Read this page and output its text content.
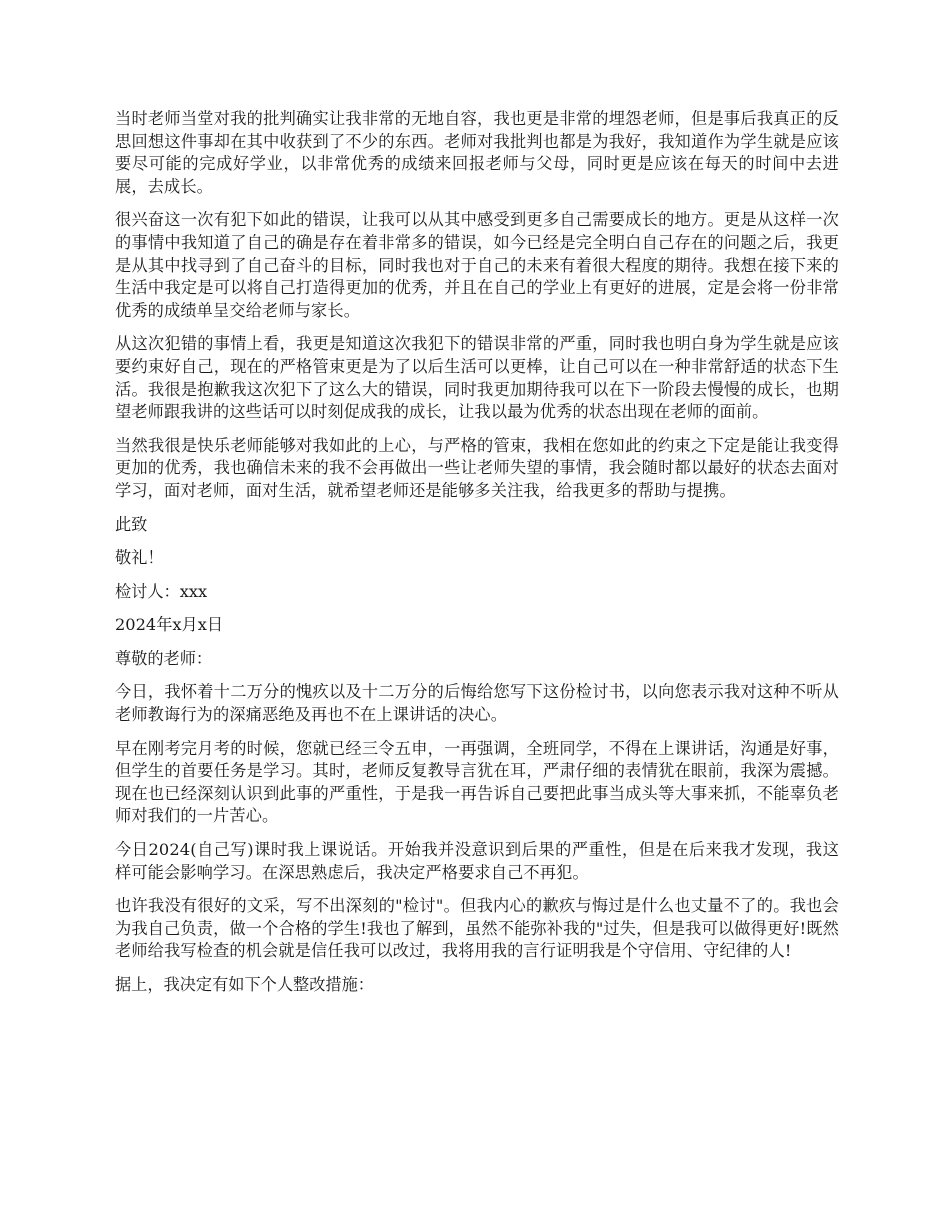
当时老师当堂对我的批判确实让我非常的无地自容，我也更是非常的埋怨老师，但是事后我真正的反思回想这件事却在其中收获到了不少的东西。老师对我批判也都是为我好，我知道作为学生就是应该要尽可能的完成好学业，以非常优秀的成绩来回报老师与父母，同时更是应该在每天的时间中去进展，去成长。

很兴奋这一次有犯下如此的错误，让我可以从其中感受到更多自己需要成长的地方。更是从这样一次的事情中我知道了自己的确是存在着非常多的错误，如今已经是完全明白自己存在的问题之后，我更是从其中找寻到了自己奋斗的目标，同时我也对于自己的未来有着很大程度的期待。我想在接下来的生活中我定是可以将自己打造得更加的优秀，并且在自己的学业上有更好的进展，定是会将一份非常优秀的成绩单呈交给老师与家长。

从这次犯错的事情上看，我更是知道这次我犯下的错误非常的严重，同时我也明白身为学生就是应该要约束好自己，现在的严格管束更是为了以后生活可以更棒，让自己可以在一种非常舒适的状态下生活。我很是抱歉我这次犯下了这么大的错误，同时我更加期待我可以在下一阶段去慢慢的成长，也期望老师跟我讲的这些话可以时刻促成我的成长，让我以最为优秀的状态出现在老师的面前。

当然我很是快乐老师能够对我如此的上心，与严格的管束，我相在您如此的约束之下定是能让我变得更加的优秀，我也确信未来的我不会再做出一些让老师失望的事情，我会随时都以最好的状态去面对学习，面对老师，面对生活，就希望老师还是能够多关注我，给我更多的帮助与提携。

此致

敬礼！

检讨人：xxx

2024年x月x日

尊敬的老师：

今日，我怀着十二万分的愧疚以及十二万分的后悔给您写下这份检讨书，以向您表示我对这种不听从老师教诲行为的深痛恶绝及再也不在上课讲话的决心。

早在刚考完月考的时候，您就已经三令五申，一再强调，全班同学，不得在上课讲话，沟通是好事，但学生的首要任务是学习。其时，老师反复教导言犹在耳，严肃仔细的表情犹在眼前，我深为震撼。现在也已经深刻认识到此事的严重性，于是我一再告诉自己要把此事当成头等大事来抓，不能辜负老师对我们的一片苦心。

今日2024(自己写)课时我上课说话。开始我并没意识到后果的严重性，但是在后来我才发现，我这样可能会影响学习。在深思熟虑后，我决定严格要求自己不再犯。

也许我没有很好的文采，写不出深刻的"检讨"。但我内心的歉疚与悔过是什么也丈量不了的。我也会为我自己负责，做一个合格的学生!我也了解到，虽然不能弥补我的"过失，但是我可以做得更好!既然老师给我写检查的机会就是信任我可以改过，我将用我的言行证明我是个守信用、守纪律的人!

据上，我决定有如下个人整改措施：
